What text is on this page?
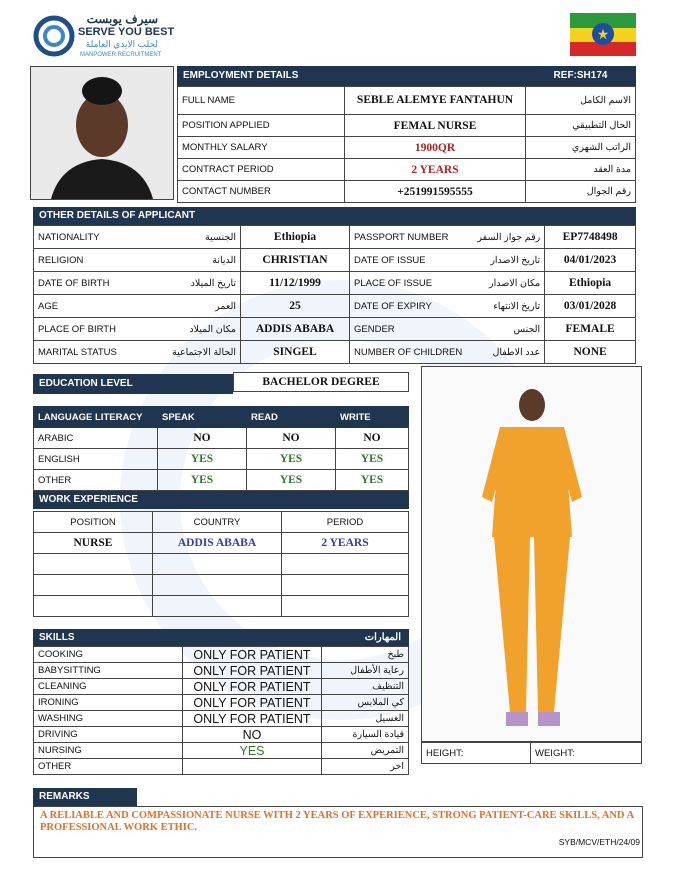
سيرف يوبست
SERVE YOU BEST
لجلب الايدي العاملة
MANPOWER RECRUITMENT
★
EMPLOYMENT DETAILS	REF:SH174
FULL NAME	SEBLE ALEMYE FANTAHUN	الاسم الكامل
POSITION APPLIED	FEMAL NURSE	الحال التطبيقي
MONTHLY SALARY	1900QR	الراتب الشهري
CONTRACT PERIOD	2 YEARS	مدة العقد
CONTACT NUMBER	+251991595555	رقم الجوال
OTHER DETAILS OF APPLICANT
NATIONALITY	الجنسية	Ethiopia	PASSPORT NUMBER	رقم جواز السفر	EP7748498
RELIGION	الديانة	CHRISTIAN	DATE OF ISSUE	تاريخ الاصدار	04/01/2023
DATE OF BIRTH	تاريخ الميلاد	11/12/1999	PLACE OF ISSUE	مكان الاصدار	Ethiopia
AGE	العمر	25	DATE OF EXPIRY	تاريخ الانتهاء	03/01/2028
PLACE OF BIRTH	مكان الميلاد	ADDIS ABABA	GENDER	الجنس	FEMALE
MARITAL STATUS	الحالة الاجتماعية	SINGEL	NUMBER OF CHILDREN	عدد الاطفال	NONE
EDUCATION LEVEL	BACHELOR DEGREE
LANGUAGE LITERACY	SPEAK	READ	WRITE
ARABIC	NO	NO	NO
ENGLISH	YES	YES	YES
OTHER	YES	YES	YES
WORK EXPERIENCE
POSITION	COUNTRY	PERIOD
NURSE	ADDIS ABABA	2 YEARS

HEIGHT:	WEIGHT:
SKILLS	المهارات
COOKING	ONLY FOR PATIENT	طبخ
BABYSITTING	ONLY FOR PATIENT	رعاية الأطفال
CLEANING	ONLY FOR PATIENT	التنظيف
IRONING	ONLY FOR PATIENT	كي الملابس
WASHING	ONLY FOR PATIENT	الغسيل
DRIVING	NO	قيادة السيارة
NURSING	YES	التمريض
OTHER		اخر
REMARKS
A RELIABLE AND COMPASSIONATE NURSE WITH 2 YEARS OF EXPERIENCE, STRONG PATIENT-CARE SKILLS, AND A PROFESSIONAL WORK ETHIC.
SYB/MCV/ETH/24/09
